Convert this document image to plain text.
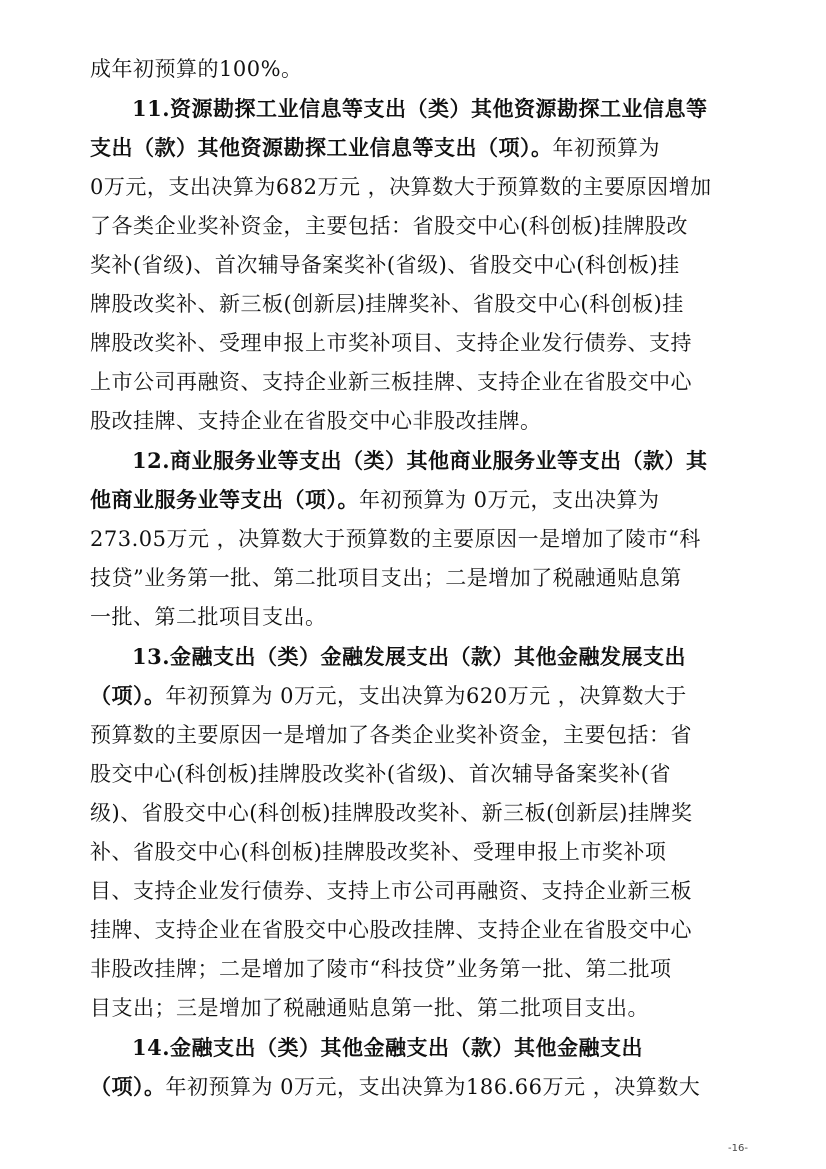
成年初预算的100%。
11.资源勘探工业信息等支出（类）其他资源勘探工业信息等
支出（款）其他资源勘探工业信息等支出（项）。年初预算为
0万元，支出决算为682万元 ，决算数大于预算数的主要原因增加
了各类企业奖补资金，主要包括：省股交中心(科创板)挂牌股改
奖补(省级)、首次辅导备案奖补(省级)、省股交中心(科创板)挂
牌股改奖补、新三板(创新层)挂牌奖补、省股交中心(科创板)挂
牌股改奖补、受理申报上市奖补项目、支持企业发行债券、支持
上市公司再融资、支持企业新三板挂牌、支持企业在省股交中心
股改挂牌、支持企业在省股交中心非股改挂牌。
12.商业服务业等支出（类）其他商业服务业等支出（款）其
他商业服务业等支出（项）。年初预算为 0万元，支出决算为
273.05万元 ，决算数大于预算数的主要原因一是增加了陵市“科
技贷”业务第一批、第二批项目支出；二是增加了税融通贴息第
一批、第二批项目支出。
13.金融支出（类）金融发展支出（款）其他金融发展支出
（项）。年初预算为 0万元，支出决算为620万元 ，决算数大于
预算数的主要原因一是增加了各类企业奖补资金，主要包括：省
股交中心(科创板)挂牌股改奖补(省级)、首次辅导备案奖补(省
级)、省股交中心(科创板)挂牌股改奖补、新三板(创新层)挂牌奖
补、省股交中心(科创板)挂牌股改奖补、受理申报上市奖补项
目、支持企业发行债券、支持上市公司再融资、支持企业新三板
挂牌、支持企业在省股交中心股改挂牌、支持企业在省股交中心
非股改挂牌；二是增加了陵市“科技贷”业务第一批、第二批项
目支出；三是增加了税融通贴息第一批、第二批项目支出。
14.金融支出（类）其他金融支出（款）其他金融支出
（项）。年初预算为 0万元，支出决算为186.66万元 ，决算数大
-16-
